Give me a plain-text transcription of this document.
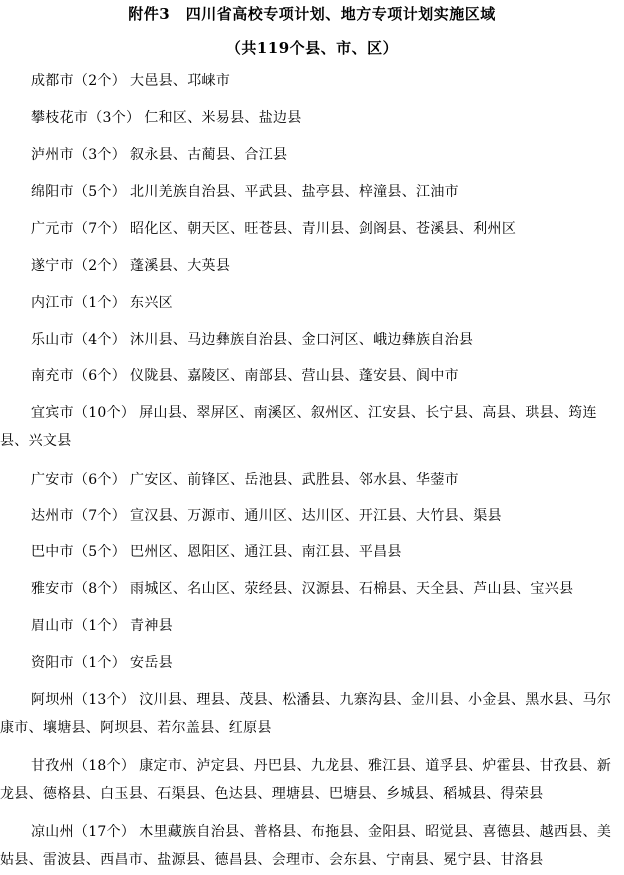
附件3　四川省高校专项计划、地方专项计划实施区域
（共119个县、市、区）
成都市（2个） 大邑县、邛崃市
攀枝花市（3个） 仁和区、米易县、盐边县
泸州市（3个） 叙永县、古蔺县、合江县
绵阳市（5个） 北川羌族自治县、平武县、盐亭县、梓潼县、江油市
广元市（7个） 昭化区、朝天区、旺苍县、青川县、剑阁县、苍溪县、利州区
遂宁市（2个） 蓬溪县、大英县
内江市（1个） 东兴区
乐山市（4个） 沐川县、马边彝族自治县、金口河区、峨边彝族自治县
南充市（6个） 仪陇县、嘉陵区、南部县、营山县、蓬安县、阆中市
宜宾市（10个） 屏山县、翠屏区、南溪区、叙州区、江安县、长宁县、高县、珙县、筠连县、兴文县
广安市（6个） 广安区、前锋区、岳池县、武胜县、邻水县、华蓥市
达州市（7个） 宣汉县、万源市、通川区、达川区、开江县、大竹县、渠县
巴中市（5个） 巴州区、恩阳区、通江县、南江县、平昌县
雅安市（8个） 雨城区、名山区、荥经县、汉源县、石棉县、天全县、芦山县、宝兴县
眉山市（1个） 青神县
资阳市（1个） 安岳县
阿坝州（13个） 汶川县、理县、茂县、松潘县、九寨沟县、金川县、小金县、黑水县、马尔康市、壤塘县、阿坝县、若尔盖县、红原县
甘孜州（18个） 康定市、泸定县、丹巴县、九龙县、雅江县、道孚县、炉霍县、甘孜县、新龙县、德格县、白玉县、石渠县、色达县、理塘县、巴塘县、乡城县、稻城县、得荣县
凉山州（17个） 木里藏族自治县、普格县、布拖县、金阳县、昭觉县、喜德县、越西县、美姑县、雷波县、西昌市、盐源县、德昌县、会理市、会东县、宁南县、冕宁县、甘洛县
